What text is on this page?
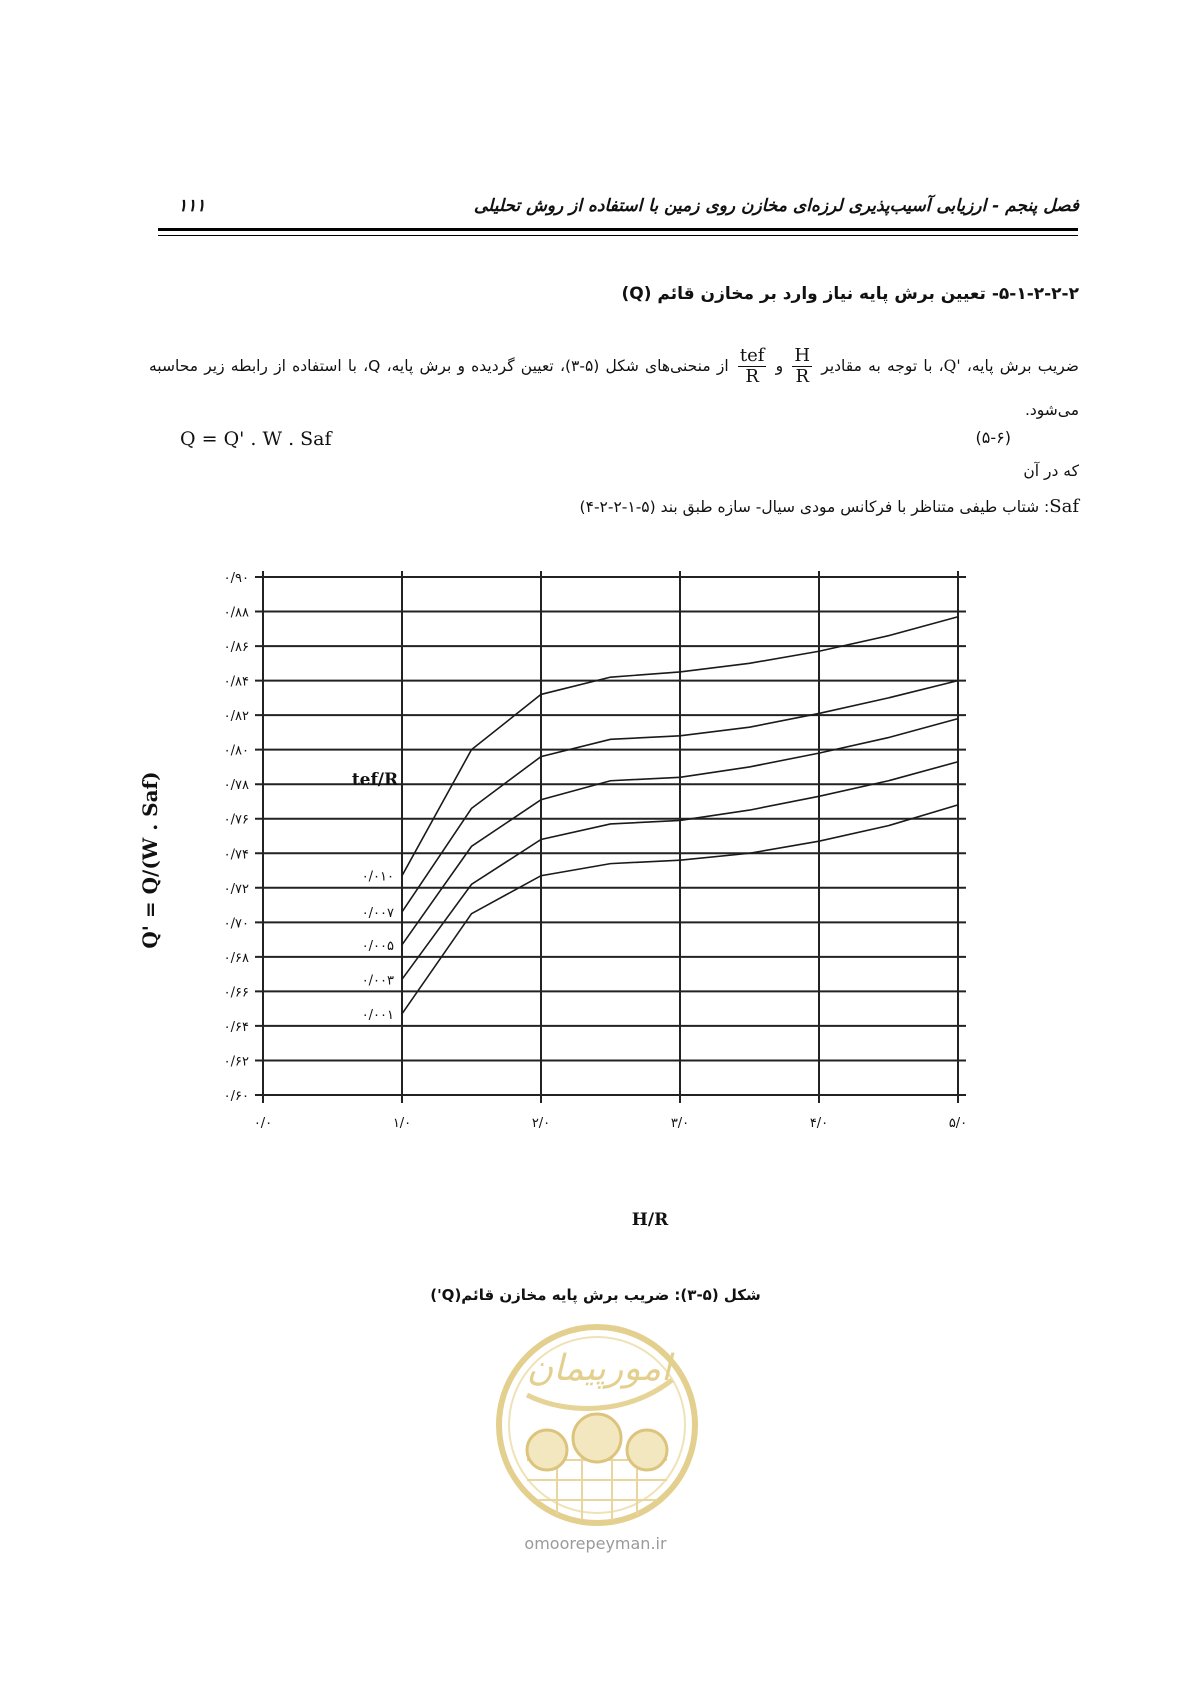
فصل پنجم - ارزیابی آسیب‌پذیری لرزه‌ای مخازن روی زمین با استفاده از روش تحلیلی
۱۱۱
۵-۱-۲-۲-۲- تعیین برش پایه نیاز وارد بر مخازن قائم (Q)
ضریب برش پایه، Q'، با توجه به مقادیر
$\frac{H}{R}$
و
$\frac{\text{tef}}{R}$
از منحنی‌های شکل (۵-۳)، تعیین گردیده و برش پایه، Q، با استفاده از رابطه زیر محاسبه می‌شود.
Q = Q' . W . Saf	(۵-۶)
که در آن
Saf: شتاب طیفی متناظر با فرکانس مودی سیال- سازه طبق بند (۵-۱-۲-۲-۴)
۰/۹۰
۰/۸۸
۰/۸۶
۰/۸۴
۰/۸۲
۰/۸۰
۰/۷۸
۰/۷۶
۰/۷۴
۰/۷۲
۰/۷۰
۰/۶۸
۰/۶۶
۰/۶۴
۰/۶۲
۰/۶۰
۰/۰	۱/۰	۲/۰	۳/۰	۴/۰	۵/۰
۰/۰۱۰
۰/۰۰۷
۰/۰۰۵
۰/۰۰۳
۰/۰۰۱
tef/R
Q' = Q/(W . Saf)
H/R
شکل (۵-۳): ضریب برش پایه مخازن قائم(Q')
امورپیمان
omoorepeyman.ir
